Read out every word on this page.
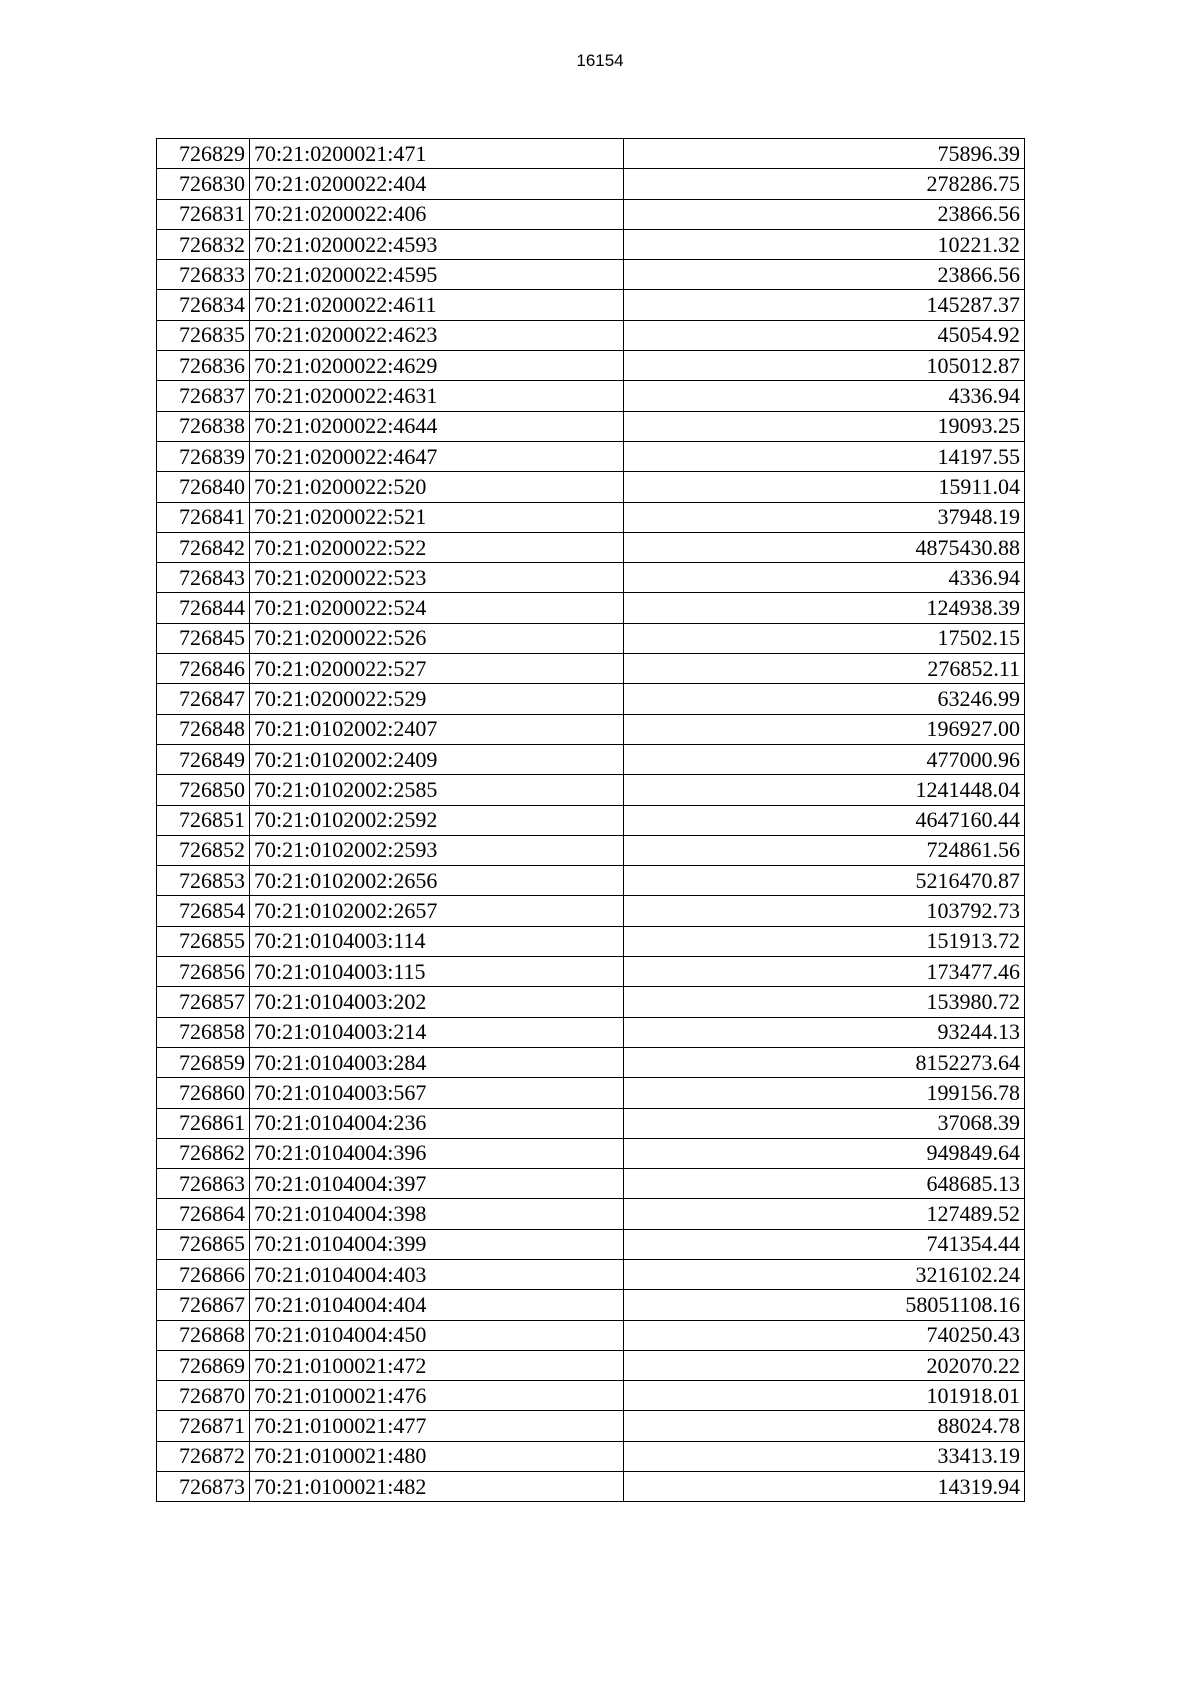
16154
726829	70:21:0200021:471	75896.39
726830	70:21:0200022:404	278286.75
726831	70:21:0200022:406	23866.56
726832	70:21:0200022:4593	10221.32
726833	70:21:0200022:4595	23866.56
726834	70:21:0200022:4611	145287.37
726835	70:21:0200022:4623	45054.92
726836	70:21:0200022:4629	105012.87
726837	70:21:0200022:4631	4336.94
726838	70:21:0200022:4644	19093.25
726839	70:21:0200022:4647	14197.55
726840	70:21:0200022:520	15911.04
726841	70:21:0200022:521	37948.19
726842	70:21:0200022:522	4875430.88
726843	70:21:0200022:523	4336.94
726844	70:21:0200022:524	124938.39
726845	70:21:0200022:526	17502.15
726846	70:21:0200022:527	276852.11
726847	70:21:0200022:529	63246.99
726848	70:21:0102002:2407	196927.00
726849	70:21:0102002:2409	477000.96
726850	70:21:0102002:2585	1241448.04
726851	70:21:0102002:2592	4647160.44
726852	70:21:0102002:2593	724861.56
726853	70:21:0102002:2656	5216470.87
726854	70:21:0102002:2657	103792.73
726855	70:21:0104003:114	151913.72
726856	70:21:0104003:115	173477.46
726857	70:21:0104003:202	153980.72
726858	70:21:0104003:214	93244.13
726859	70:21:0104003:284	8152273.64
726860	70:21:0104003:567	199156.78
726861	70:21:0104004:236	37068.39
726862	70:21:0104004:396	949849.64
726863	70:21:0104004:397	648685.13
726864	70:21:0104004:398	127489.52
726865	70:21:0104004:399	741354.44
726866	70:21:0104004:403	3216102.24
726867	70:21:0104004:404	58051108.16
726868	70:21:0104004:450	740250.43
726869	70:21:0100021:472	202070.22
726870	70:21:0100021:476	101918.01
726871	70:21:0100021:477	88024.78
726872	70:21:0100021:480	33413.19
726873	70:21:0100021:482	14319.94
